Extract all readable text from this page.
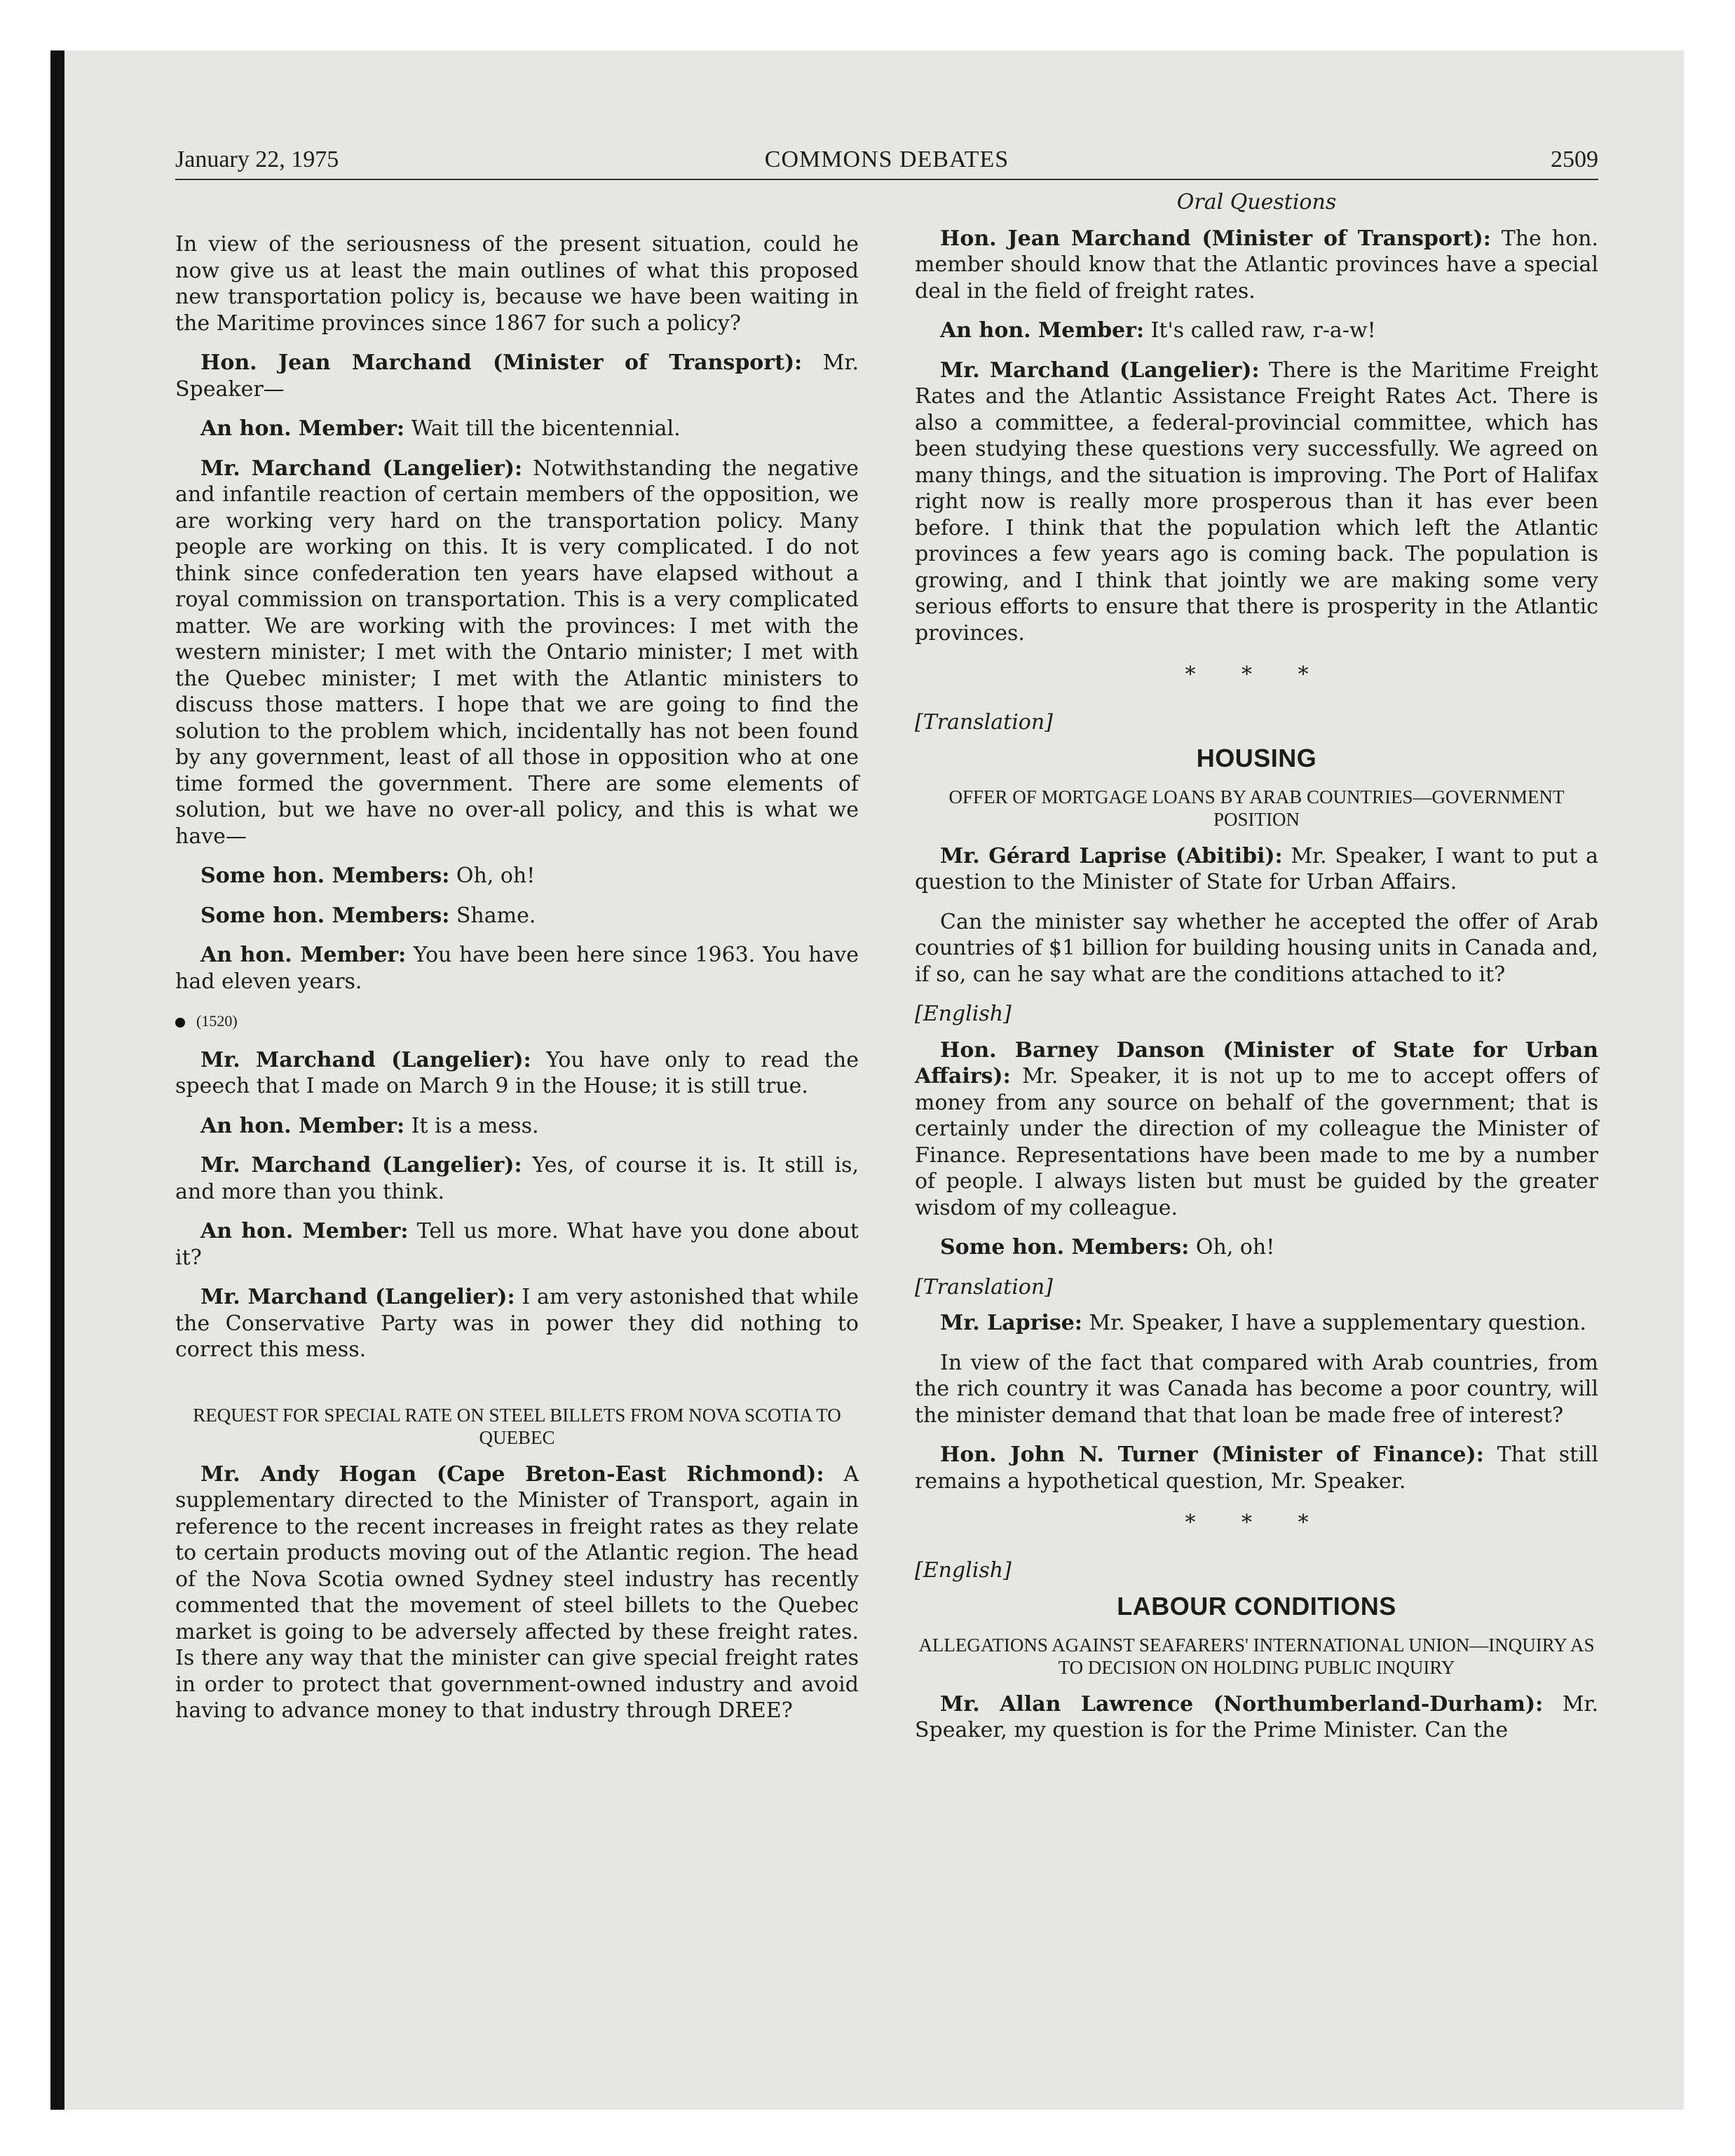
January 22, 1975	COMMONS DEBATES	2509

In view of the seriousness of the present situation, could he now give us at least the main outlines of what this proposed new transportation policy is, because we have been waiting in the Maritime provinces since 1867 for such a policy?

Hon. Jean Marchand (Minister of Transport): Mr. Speaker—

An hon. Member: Wait till the bicentennial.

Mr. Marchand (Langelier): Notwithstanding the negative and infantile reaction of certain members of the opposition, we are working very hard on the transportation policy. Many people are working on this. It is very complicated. I do not think since confederation ten years have elapsed without a royal commission on transportation. This is a very complicated matter. We are working with the provinces: I met with the western minister; I met with the Ontario minister; I met with the Quebec minister; I met with the Atlantic ministers to discuss those matters. I hope that we are going to find the solution to the problem which, incidentally has not been found by any government, least of all those in opposition who at one time formed the government. There are some elements of solution, but we have no over-all policy, and this is what we have—

Some hon. Members: Oh, oh!

Some hon. Members: Shame.

An hon. Member: You have been here since 1963. You have had eleven years.

(1520)

Mr. Marchand (Langelier): You have only to read the speech that I made on March 9 in the House; it is still true.

An hon. Member: It is a mess.

Mr. Marchand (Langelier): Yes, of course it is. It still is, and more than you think.

An hon. Member: Tell us more. What have you done about it?

Mr. Marchand (Langelier): I am very astonished that while the Conservative Party was in power they did nothing to correct this mess.

REQUEST FOR SPECIAL RATE ON STEEL BILLETS FROM NOVA SCOTIA TO QUEBEC

Mr. Andy Hogan (Cape Breton-East Richmond): A supplementary directed to the Minister of Transport, again in reference to the recent increases in freight rates as they relate to certain products moving out of the Atlantic region. The head of the Nova Scotia owned Sydney steel industry has recently commented that the movement of steel billets to the Quebec market is going to be adversely affected by these freight rates. Is there any way that the minister can give special freight rates in order to protect that government-owned industry and avoid having to advance money to that industry through DREE?

Oral Questions

Hon. Jean Marchand (Minister of Transport): The hon. member should know that the Atlantic provinces have a special deal in the field of freight rates.

An hon. Member: It's called raw, r-a-w!

Mr. Marchand (Langelier): There is the Maritime Freight Rates and the Atlantic Assistance Freight Rates Act. There is also a committee, a federal-provincial committee, which has been studying these questions very successfully. We agreed on many things, and the situation is improving. The Port of Halifax right now is really more prosperous than it has ever been before. I think that the population which left the Atlantic provinces a few years ago is coming back. The population is growing, and I think that jointly we are making some very serious efforts to ensure that there is prosperity in the Atlantic provinces.

* * *
[Translation]
HOUSING
OFFER OF MORTGAGE LOANS BY ARAB COUNTRIES—GOVERNMENT POSITION

Mr. Gérard Laprise (Abitibi): Mr. Speaker, I want to put a question to the Minister of State for Urban Affairs.

Can the minister say whether he accepted the offer of Arab countries of $1 billion for building housing units in Canada and, if so, can he say what are the conditions attached to it?

[English]

Hon. Barney Danson (Minister of State for Urban Affairs): Mr. Speaker, it is not up to me to accept offers of money from any source on behalf of the government; that is certainly under the direction of my colleague the Minister of Finance. Representations have been made to me by a number of people. I always listen but must be guided by the greater wisdom of my colleague.

Some hon. Members: Oh, oh!

[Translation]

Mr. Laprise: Mr. Speaker, I have a supplementary question.

In view of the fact that compared with Arab countries, from the rich country it was Canada has become a poor country, will the minister demand that that loan be made free of interest?

Hon. John N. Turner (Minister of Finance): That still remains a hypothetical question, Mr. Speaker.

* * *
[English]
LABOUR CONDITIONS
ALLEGATIONS AGAINST SEAFARERS' INTERNATIONAL UNION—INQUIRY AS TO DECISION ON HOLDING PUBLIC INQUIRY

Mr. Allan Lawrence (Northumberland-Durham): Mr. Speaker, my question is for the Prime Minister. Can the
